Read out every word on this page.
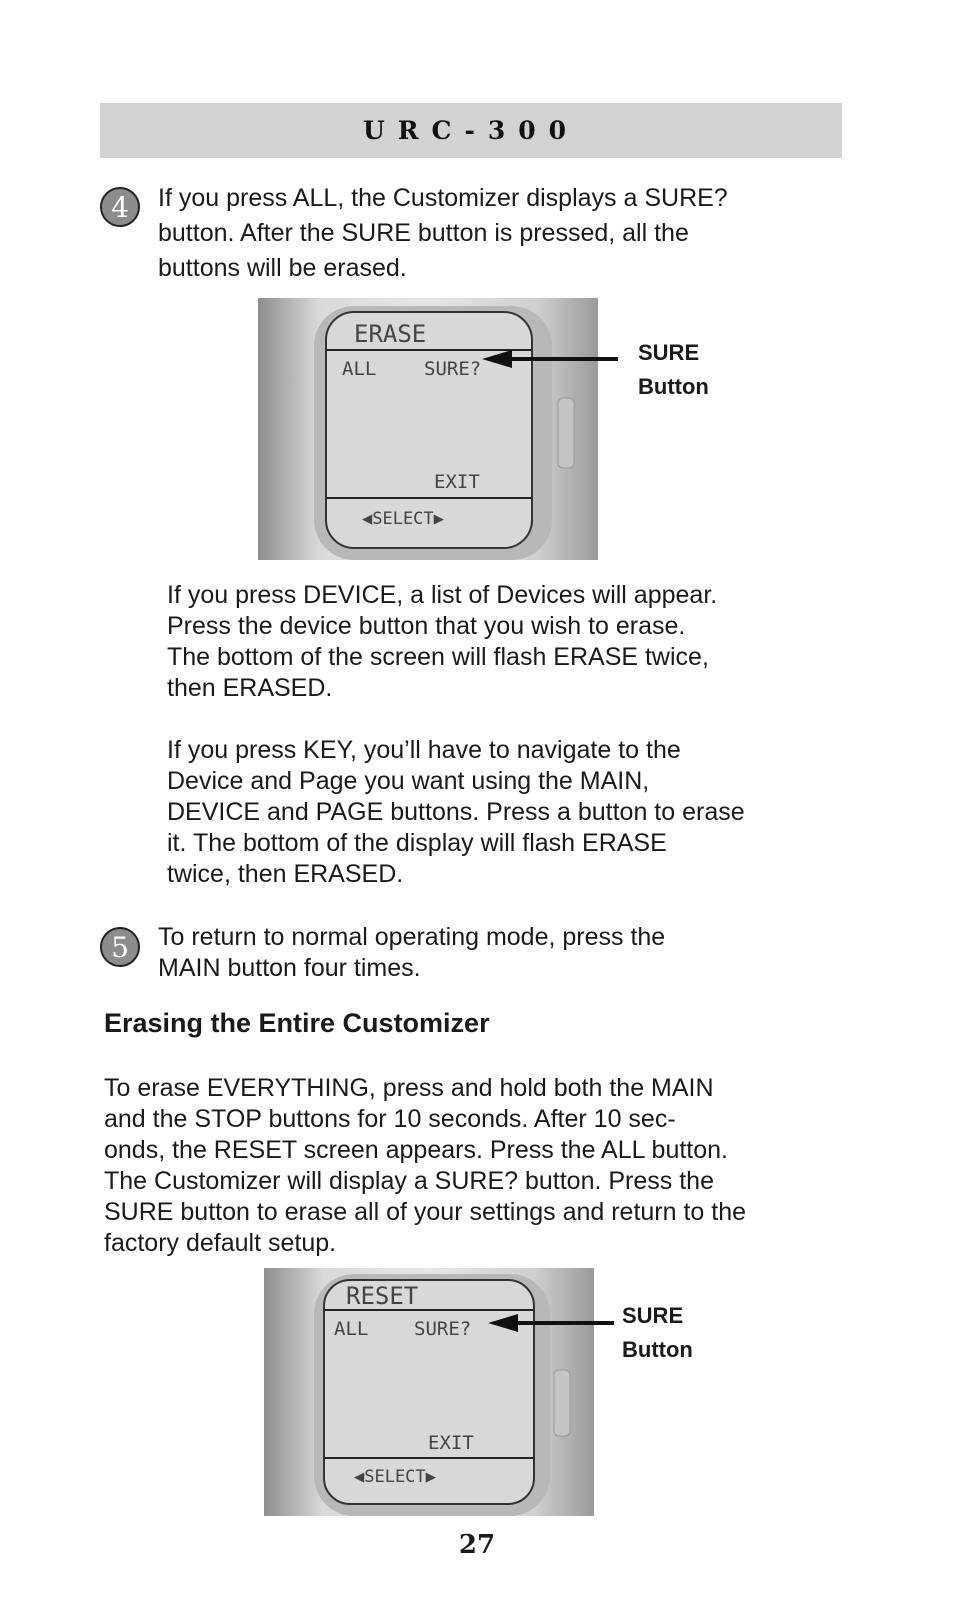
URC-300
4 If you press ALL, the Customizer displays a SURE?
button. After the SURE button is pressed, all the
buttons will be erased.

ERASE
ALL	SURE?
EXIT
◀SELECT▶
SURE
Button

If you press DEVICE, a list of Devices will appear.
Press the device button that you wish to erase.
The bottom of the screen will flash ERASE twice,
then ERASED.

If you press KEY, you’ll have to navigate to the
Device and Page you want using the MAIN,
DEVICE and PAGE buttons. Press a button to erase
it. The bottom of the display will flash ERASE
twice, then ERASED.

5 To return to normal operating mode, press the
MAIN button four times.

Erasing the Entire Customizer

To erase EVERYTHING, press and hold both the MAIN
and the STOP buttons for 10 seconds. After 10 sec-
onds, the RESET screen appears. Press the ALL button.
The Customizer will display a SURE? button. Press the
SURE button to erase all of your settings and return to the
factory default setup.

RESET
ALL SURE?
EXIT
◀SELECT▶
SURE
Button
27
